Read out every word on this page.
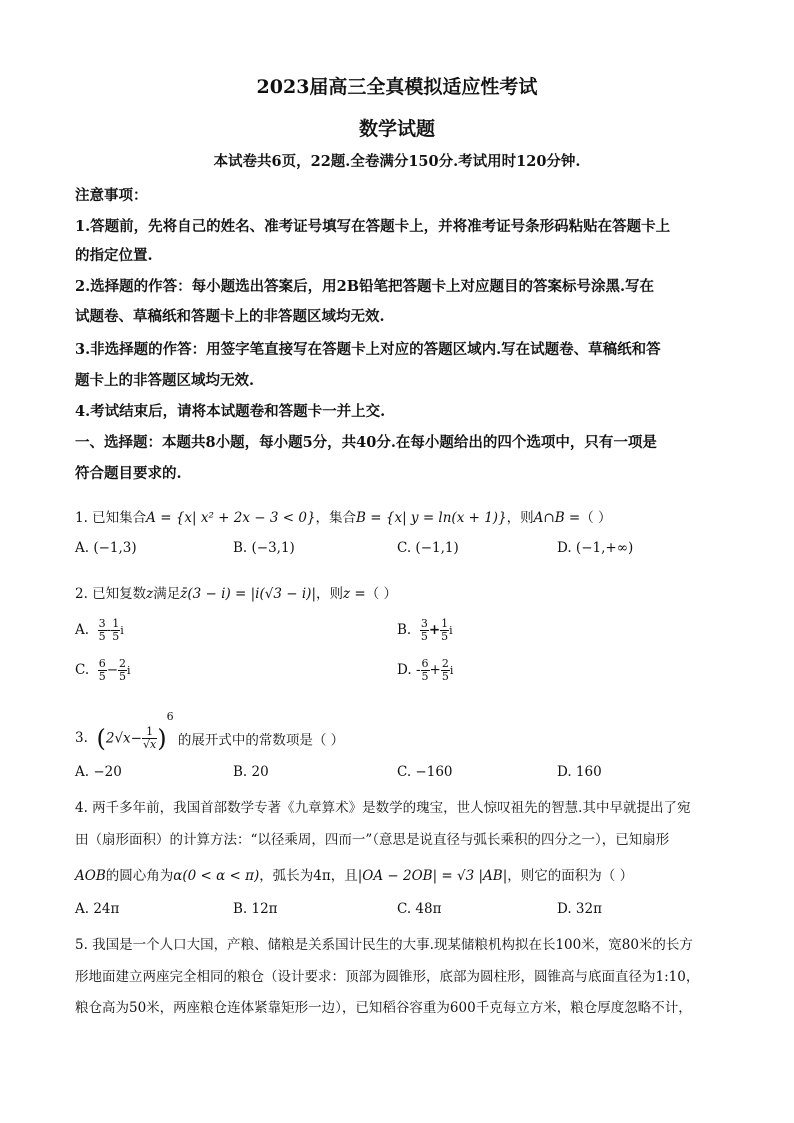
2023届高三全真模拟适应性考试
数学试题
本试卷共6页，22题.全卷满分150分.考试用时120分钟.
注意事项：
1.答题前，先将自己的姓名、准考证号填写在答题卡上，并将准考证号条形码粘贴在答题卡上
的指定位置.
2.选择题的作答：每小题选出答案后，用2B铅笔把答题卡上对应题目的答案标号涂黑.写在
试题卷、草稿纸和答题卡上的非答题区域均无效.
3.非选择题的作答：用签字笔直接写在答题卡上对应的答题区域内.写在试题卷、草稿纸和答
题卡上的非答题区域均无效.
4.考试结束后，请将本试题卷和答题卡一并上交.
一、选择题：本题共8小题，每小题5分，共40分.在每小题给出的四个选项中，只有一项是
符合题目要求的.
1. 已知集合A = {x| x² + 2x − 3 < 0}，集合B = {x| y = ln(x + 1)}，则A∩B =（ ）
A. (−1,3)	B. (−3,1)	C. (−1,1)	D. (−1,+∞)
2. 已知复数z满足z̄(3 − i) = |i(√3 − i)|，则z =（ ）
A. $\frac{3}{5} - \frac{1}{5}$ i	B. $\frac{3}{5} + \frac{1}{5}$ i
C. $\frac{6}{5} - \frac{2}{5}$ i	D. - $\frac{6}{5} + \frac{2}{5}$ i
3. $(2√x- \frac{1}{√x} )^6$ 的展开式中的常数项是（ ）
A. −20	B. 20	C. −160	D. 160
4. 两千多年前，我国首部数学专著《九章算术》是数学的瑰宝，世人惊叹祖先的智慧.其中早就提出了宛
田（扇形面积）的计算方法：“以径乘周，四而一”（意思是说直径与弧长乘积的四分之一），已知扇形
AOB的圆心角为α(0 < α < π)，弧长为4π，且|OA − 2OB| = √3 |AB|，则它的面积为（ ）
A. 24π	B. 12π	C. 48π	D. 32π
5. 我国是一个人口大国，产粮、储粮是关系国计民生的大事.现某储粮机构拟在长100米，宽80米的长方
形地面建立两座完全相同的粮仓（设计要求：顶部为圆锥形，底部为圆柱形，圆锥高与底面直径为1:10，
粮仓高为50米，两座粮仓连体紧靠矩形一边），已知稻谷容重为600千克每立方米，粮仓厚度忽略不计，
